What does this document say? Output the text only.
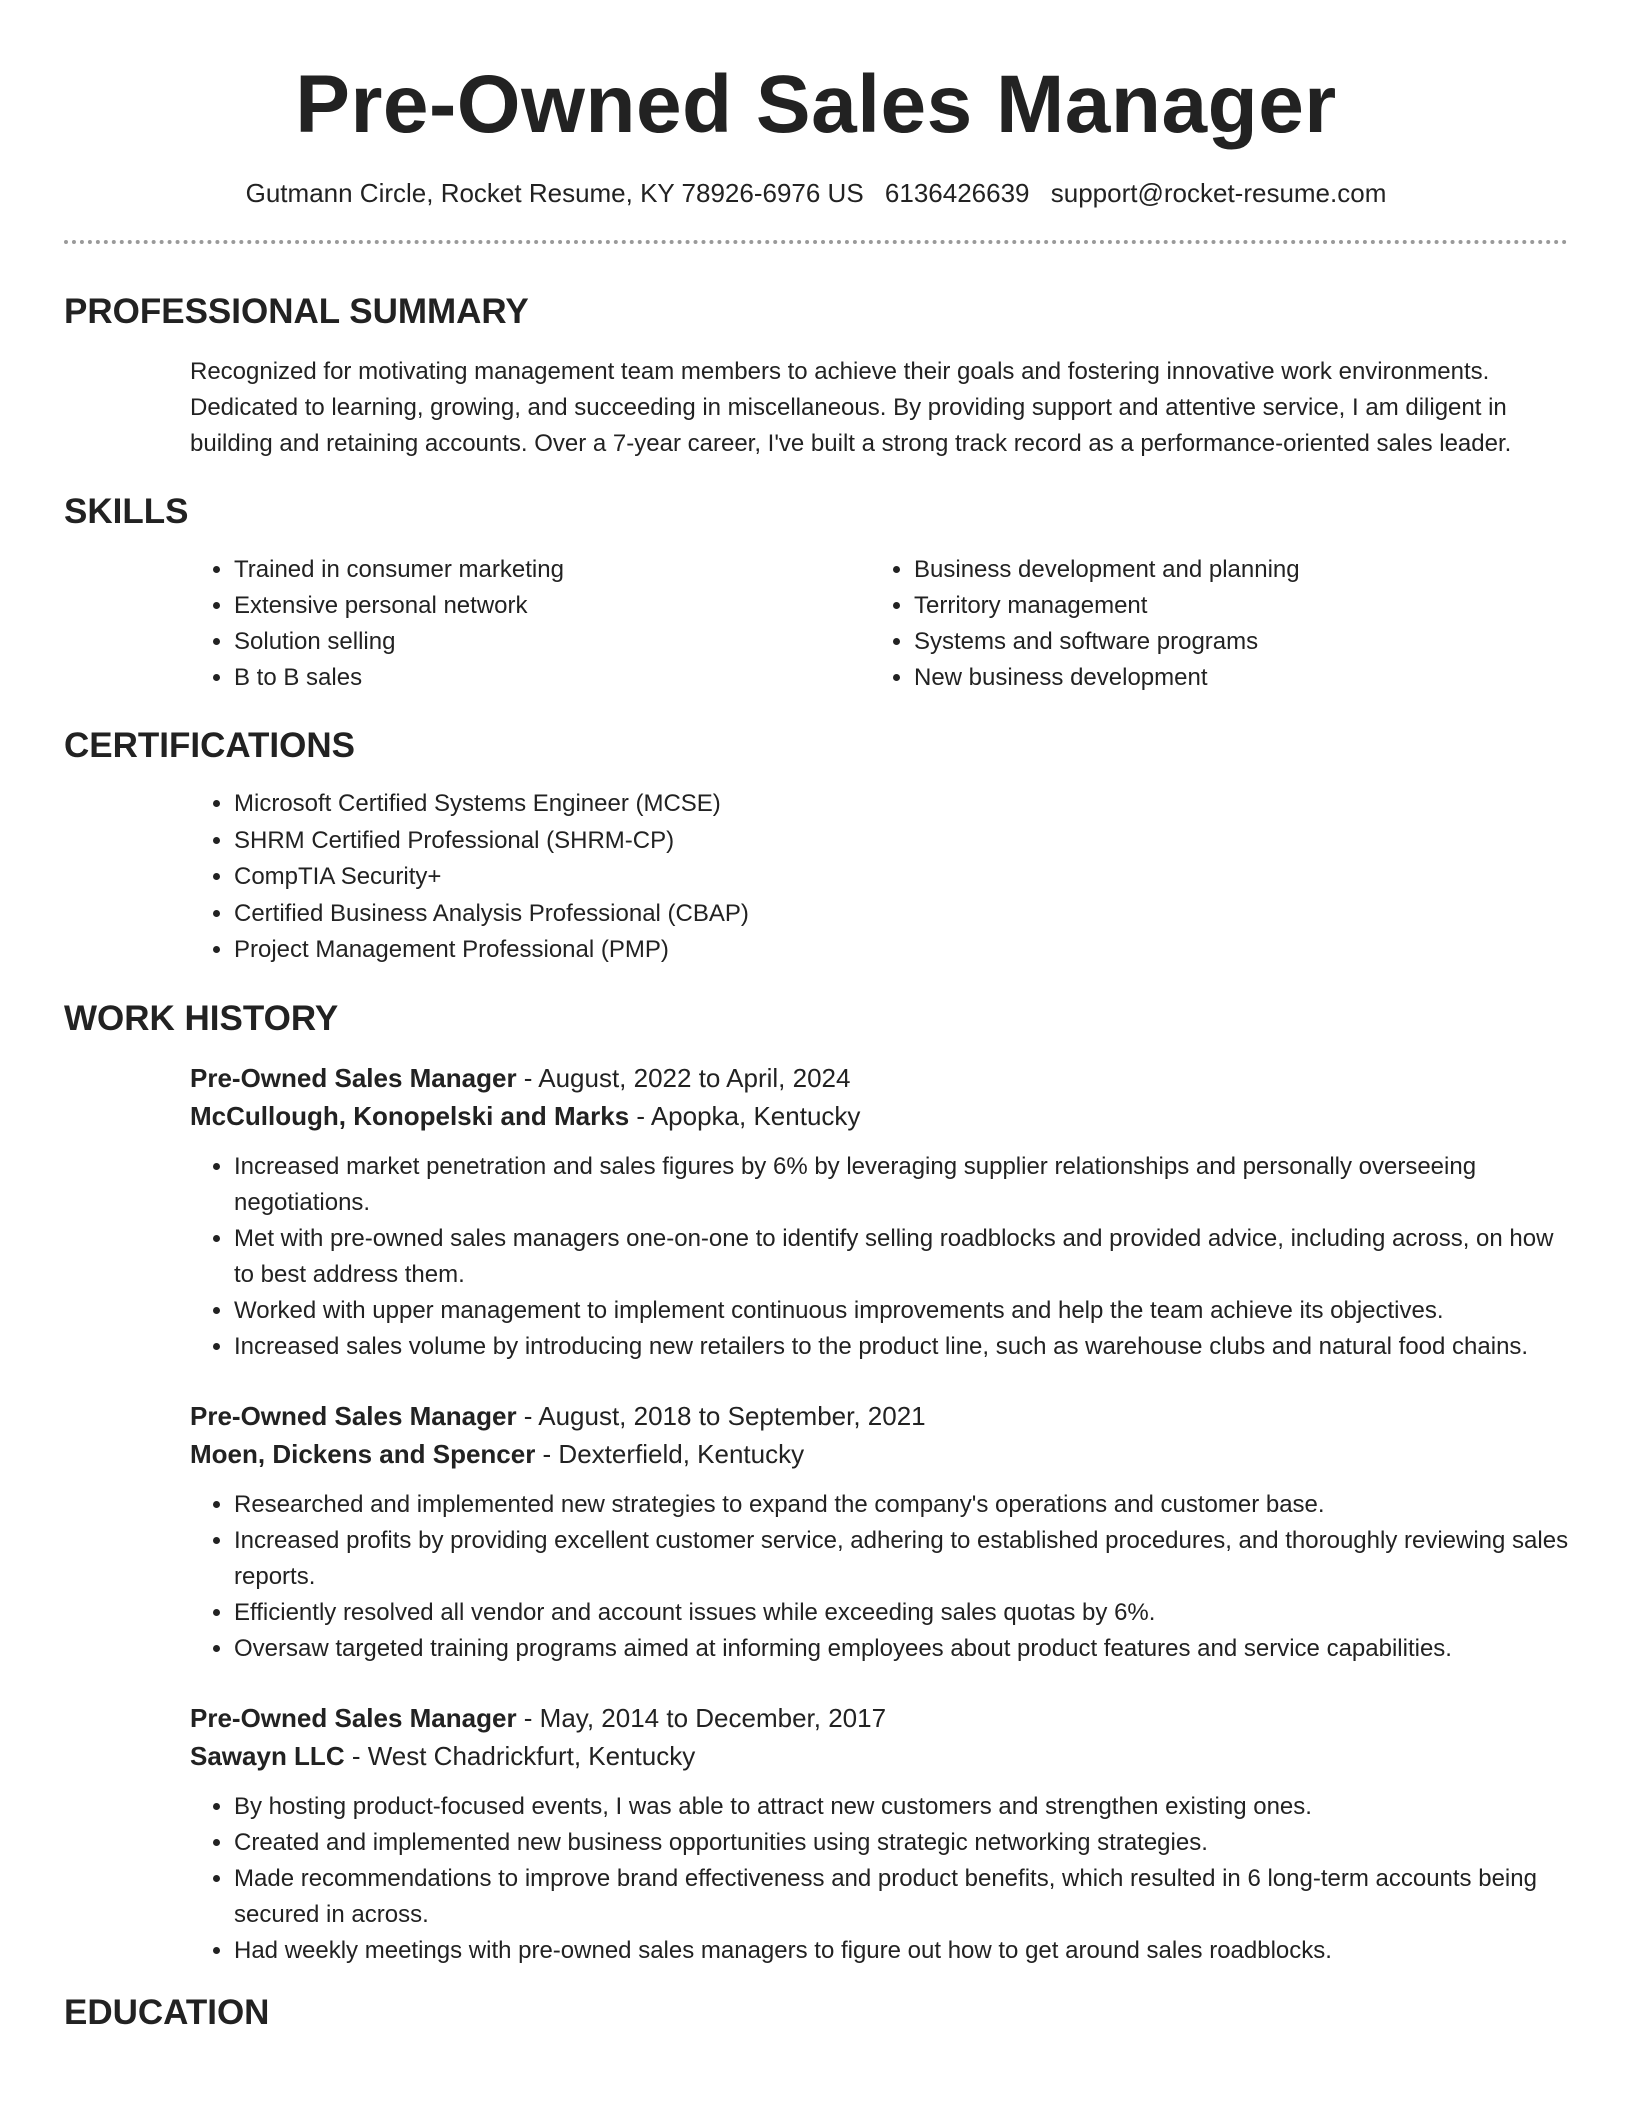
Pre-Owned Sales Manager
Gutmann Circle, Rocket Resume, KY 78926-6976 US 6136426639 support@rocket-resume.com
PROFESSIONAL SUMMARY

Recognized for motivating management team members to achieve their goals and fostering innovative work environments. Dedicated to learning, growing, and succeeding in miscellaneous. By providing support and attentive service, I am diligent in building and retaining accounts. Over a 7-year career, I've built a strong track record as a performance-oriented sales leader.

SKILLS
• Trained in consumer marketing
• Extensive personal network
• Solution selling
• B to B sales
• Business development and planning
• Territory management
• Systems and software programs
• New business development
CERTIFICATIONS
• Microsoft Certified Systems Engineer (MCSE)
• SHRM Certified Professional (SHRM-CP)
• CompTIA Security+
• Certified Business Analysis Professional (CBAP)
• Project Management Professional (PMP)
WORK HISTORY
Pre-Owned Sales Manager - August, 2022 to April, 2024
McCullough, Konopelski and Marks - Apopka, Kentucky
• Increased market penetration and sales figures by 6% by leveraging supplier relationships and personally overseeing negotiations.
• Met with pre-owned sales managers one-on-one to identify selling roadblocks and provided advice, including across, on how to best address them.
• Worked with upper management to implement continuous improvements and help the team achieve its objectives.
• Increased sales volume by introducing new retailers to the product line, such as warehouse clubs and natural food chains.
Pre-Owned Sales Manager - August, 2018 to September, 2021
Moen, Dickens and Spencer - Dexterfield, Kentucky
• Researched and implemented new strategies to expand the company's operations and customer base.
• Increased profits by providing excellent customer service, adhering to established procedures, and thoroughly reviewing sales reports.
• Efficiently resolved all vendor and account issues while exceeding sales quotas by 6%.
• Oversaw targeted training programs aimed at informing employees about product features and service capabilities.
Pre-Owned Sales Manager - May, 2014 to December, 2017
Sawayn LLC - West Chadrickfurt, Kentucky
• By hosting product-focused events, I was able to attract new customers and strengthen existing ones.
• Created and implemented new business opportunities using strategic networking strategies.
• Made recommendations to improve brand effectiveness and product benefits, which resulted in 6 long-term accounts being secured in across.
• Had weekly meetings with pre-owned sales managers to figure out how to get around sales roadblocks.
EDUCATION
